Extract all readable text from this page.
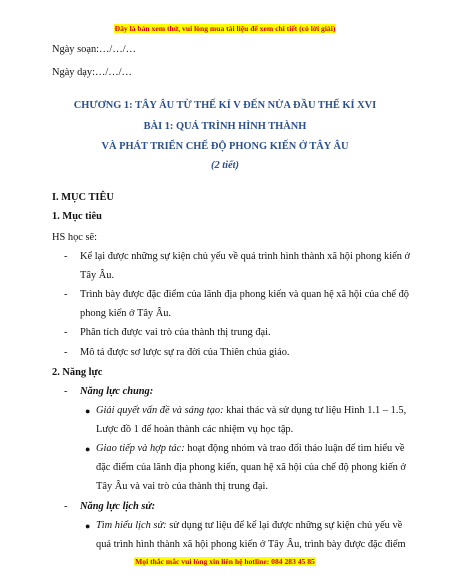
Đây là bản xem thử, vui lòng mua tài liệu để xem chi tiết (có lời giải)
Ngày soạn:…/…/…
Ngày dạy:…/…/…
CHƯƠNG 1: TÂY ÂU TỪ THẾ KỈ V ĐẾN NỬA ĐẦU THẾ KỈ XVI
BÀI 1: QUÁ TRÌNH HÌNH THÀNH
VÀ PHÁT TRIỂN CHẾ ĐỘ PHONG KIẾN Ở TÂY ÂU
(2 tiết)
I. MỤC TIÊU
1. Mục tiêu
HS học sẽ:
- Kể lại được những sự kiện chủ yếu về quá trình hình thành xã hội phong kiến ở
Tây Âu.
- Trình bày được đặc điểm của lãnh địa phong kiến và quan hệ xã hội của chế độ
phong kiến ở Tây Âu.
- Phân tích được vai trò của thành thị trung đại.
- Mô tả được sơ lược sự ra đời của Thiên chúa giáo.
2. Năng lực
- Năng lực chung:
● Giải quyết vấn đề và sáng tạo: khai thác và sử dụng tư liệu Hình 1.1 – 1.5,
Lược đồ 1 để hoàn thành các nhiệm vụ học tập.
● Giao tiếp và hợp tác: hoạt động nhóm và trao đổi thảo luận để tìm hiểu về
đặc điểm của lãnh địa phong kiến, quan hệ xã hội của chế độ phong kiến ở
Tây Âu và vai trò của thành thị trung đại.
- Năng lực lịch sử:
● Tìm hiểu lịch sử: sử dụng tư liệu để kể lại được những sự kiện chủ yếu về
quá trình hình thành xã hội phong kiến ở Tây Âu, trình bày được đặc điểm
Mọi thắc mắc vui lòng xin liên hệ hotline: 084 283 45 85
